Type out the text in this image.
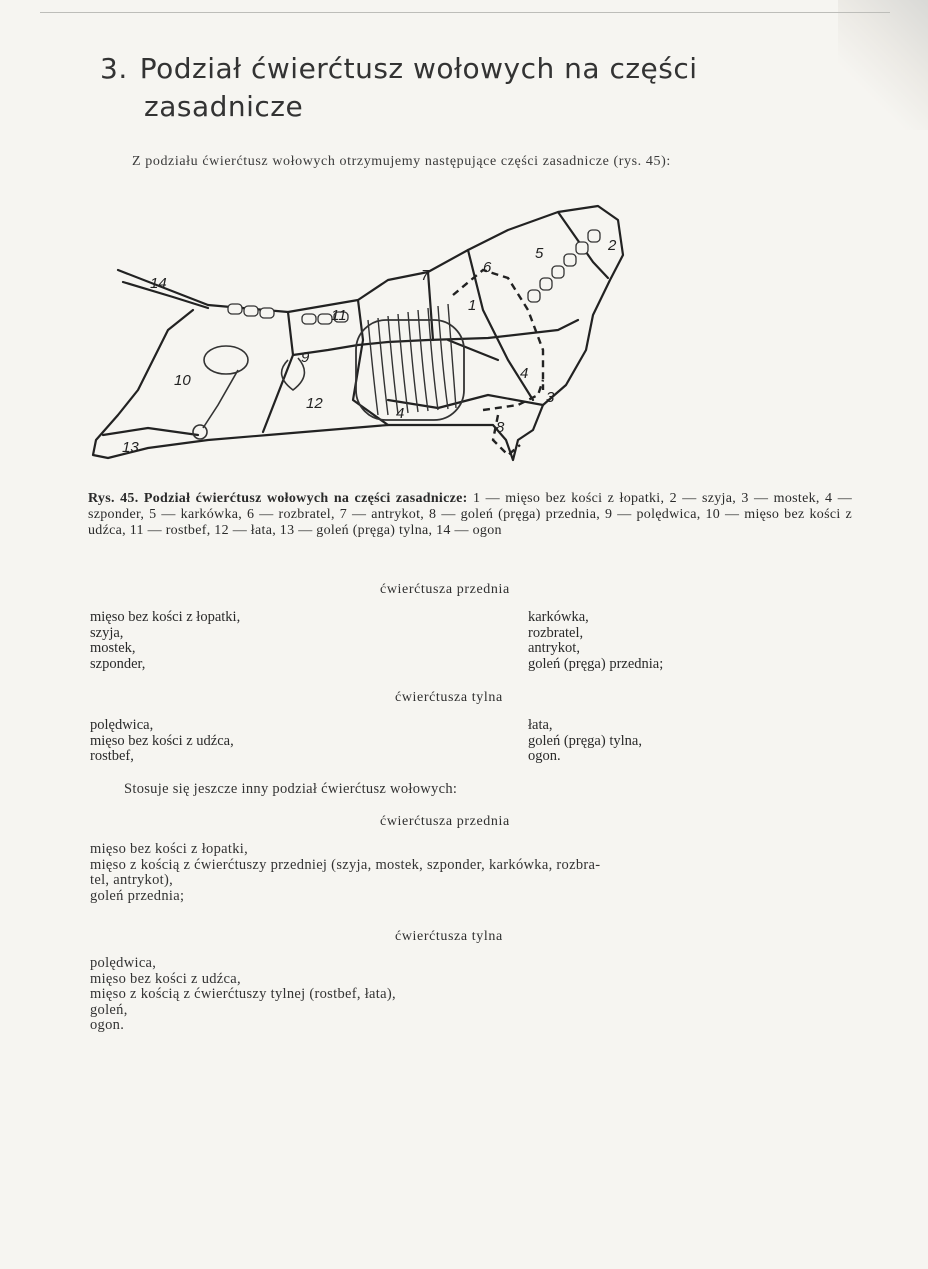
3. Podział ćwierćtusz wołowych na części
zasadnicze
Z podziału ćwierćtusz wołowych otrzymujemy następujące części zasadnicze (rys. 45):
14
11
7	6
1
5	2
9
10
12
4
4
3
8
13
Rys. 45. Podział ćwierćtusz wołowych na części zasadnicze: 1 — mięso bez kości z łopatki, 2 — szyja, 3 — mostek, 4 — szponder, 5 — karkówka, 6 — rozbratel, 7 — antrykot, 8 — goleń (pręga) przednia, 9 — polędwica, 10 — mięso bez kości z udźca, 11 — rostbef, 12 — łata, 13 — goleń (pręga) tylna, 14 — ogon
ćwierćtusza przednia
mięso bez kości z łopatki,
szyja,
mostek,
szponder,
karkówka,
rozbratel,
antrykot,
goleń (pręga) przednia;
ćwierćtusza tylna
polędwica,
mięso bez kości z udźca,
rostbef,
łata,
goleń (pręga) tylna,
ogon.
Stosuje się jeszcze inny podział ćwierćtusz wołowych:
ćwierćtusza przednia
mięso bez kości z łopatki,
mięso z kością z ćwierćtuszy przedniej (szyja, mostek, szponder, karkówka, rozbra-
tel, antrykot),
goleń przednia;
ćwierćtusza tylna
polędwica,
mięso bez kości z udźca,
mięso z kością z ćwierćtuszy tylnej (rostbef, łata),
goleń,
ogon.
